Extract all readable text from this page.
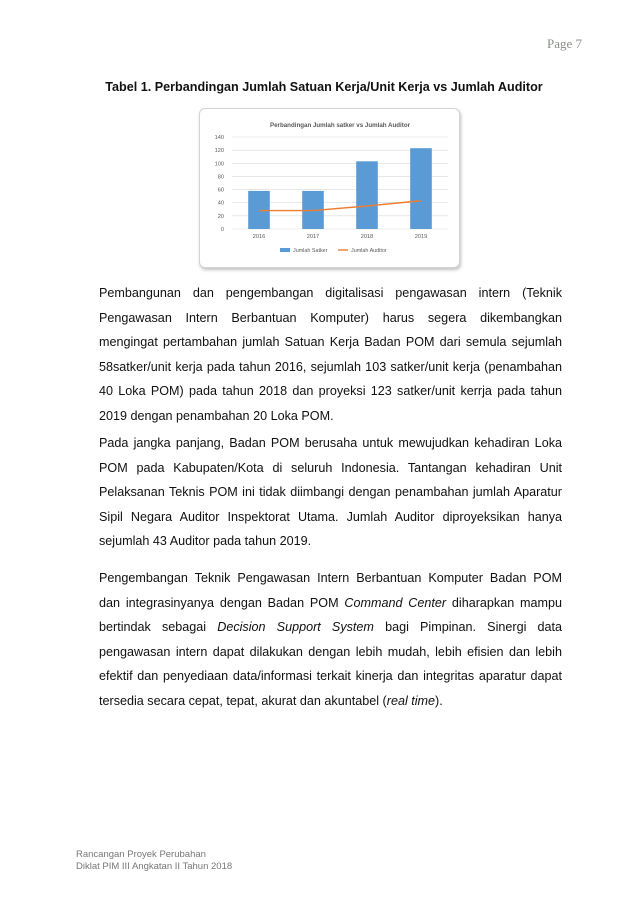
Page 7
Tabel 1. Perbandingan Jumlah Satuan Kerja/Unit Kerja vs Jumlah Auditor
Perbandingan Jumlah satker vs Jumlah Auditor
0
20
40
60
80
100
120
140
2016	2017	2018	2019
Jumlah Satker	Jumlah Auditor

Pembangunan dan pengembangan digitalisasi pengawasan intern (Teknik Pengawasan Intern Berbantuan Komputer) harus segera dikembangkan mengingat pertambahan jumlah Satuan Kerja Badan POM dari semula sejumlah 58satker/unit kerja pada tahun 2016, sejumlah 103 satker/unit kerja (penambahan 40 Loka POM) pada tahun 2018 dan proyeksi 123 satker/unit kerrja pada tahun 2019 dengan penambahan 20 Loka POM.

Pada jangka panjang, Badan POM berusaha untuk mewujudkan kehadiran Loka POM pada Kabupaten/Kota di seluruh Indonesia. Tantangan kehadiran Unit Pelaksanan Teknis POM ini tidak diimbangi dengan penambahan jumlah Aparatur Sipil Negara Auditor Inspektorat Utama. Jumlah Auditor diproyeksikan hanya sejumlah 43 Auditor pada tahun 2019.

Pengembangan Teknik Pengawasan Intern Berbantuan Komputer Badan POM dan integrasinyanya dengan Badan POM Command Center diharapkan mampu bertindak sebagai Decision Support System bagi Pimpinan. Sinergi data pengawasan intern dapat dilakukan dengan lebih mudah, lebih efisien dan lebih efektif dan penyediaan data/informasi terkait kinerja dan integritas aparatur dapat tersedia secara cepat, tepat, akurat dan akuntabel (real time).

Rancangan Proyek Perubahan
Diklat PIM III Angkatan II Tahun 2018
